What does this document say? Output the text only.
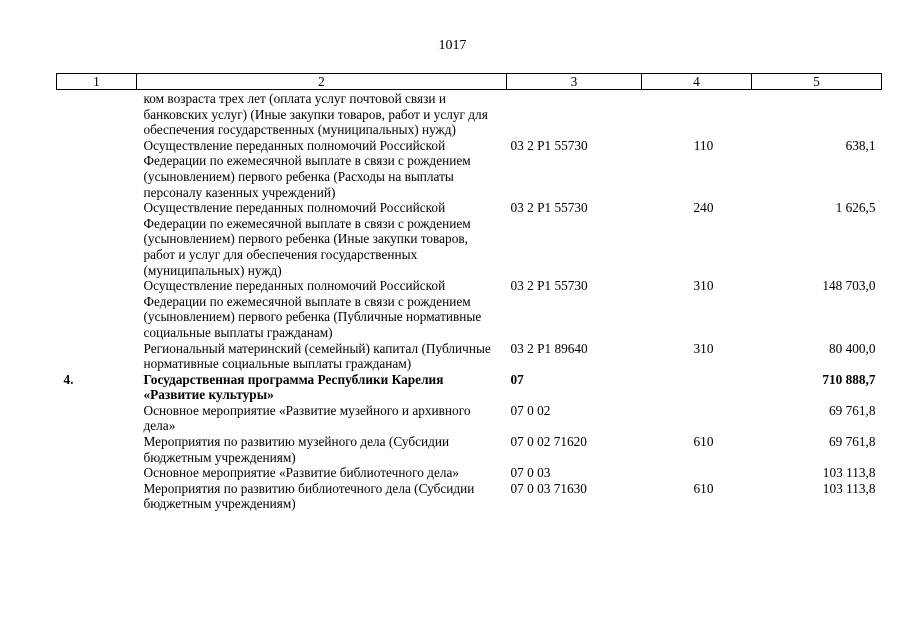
1017
1	2	3	4	5
	ком возраста трех лет (оплата услуг почтовой связи и банковских услуг) (Иные закупки товаров, работ и услуг для обеспечения государственных (муниципальных) нужд)			
	Осуществление переданных полномочий Российской Федерации по ежемесячной выплате в связи с рождением (усыновлением) первого ребенка (Расходы на выплаты персоналу казенных учреждений)	03 2 P1 55730	110	638,1
	Осуществление переданных полномочий Российской Федерации по ежемесячной выплате в связи с рождением (усыновлением) первого ребенка (Иные закупки товаров, работ и услуг для обеспечения государственных (муниципальных) нужд)	03 2 P1 55730	240	1 626,5
	Осуществление переданных полномочий Российской Федерации по ежемесячной выплате в связи с рождением (усыновлением) первого ребенка (Публичные нормативные социальные выплаты гражданам)	03 2 P1 55730	310	148 703,0
	Региональный материнский (семейный) капитал (Публичные нормативные социальные выплаты гражданам)	03 2 P1 89640	310	80 400,0
4.	Государственная программа Республики Карелия «Развитие культуры»	07		710 888,7
	Основное мероприятие «Развитие музейного и архивного дела»	07 0 02		69 761,8
	Мероприятия по развитию музейного дела (Субсидии бюджетным учреждениям)	07 0 02 71620	610	69 761,8
	Основное мероприятие «Развитие библиотечного дела»	07 0 03		103 113,8
	Мероприятия по развитию библиотечного дела (Субсидии бюджетным учреждениям)	07 0 03 71630	610	103 113,8
